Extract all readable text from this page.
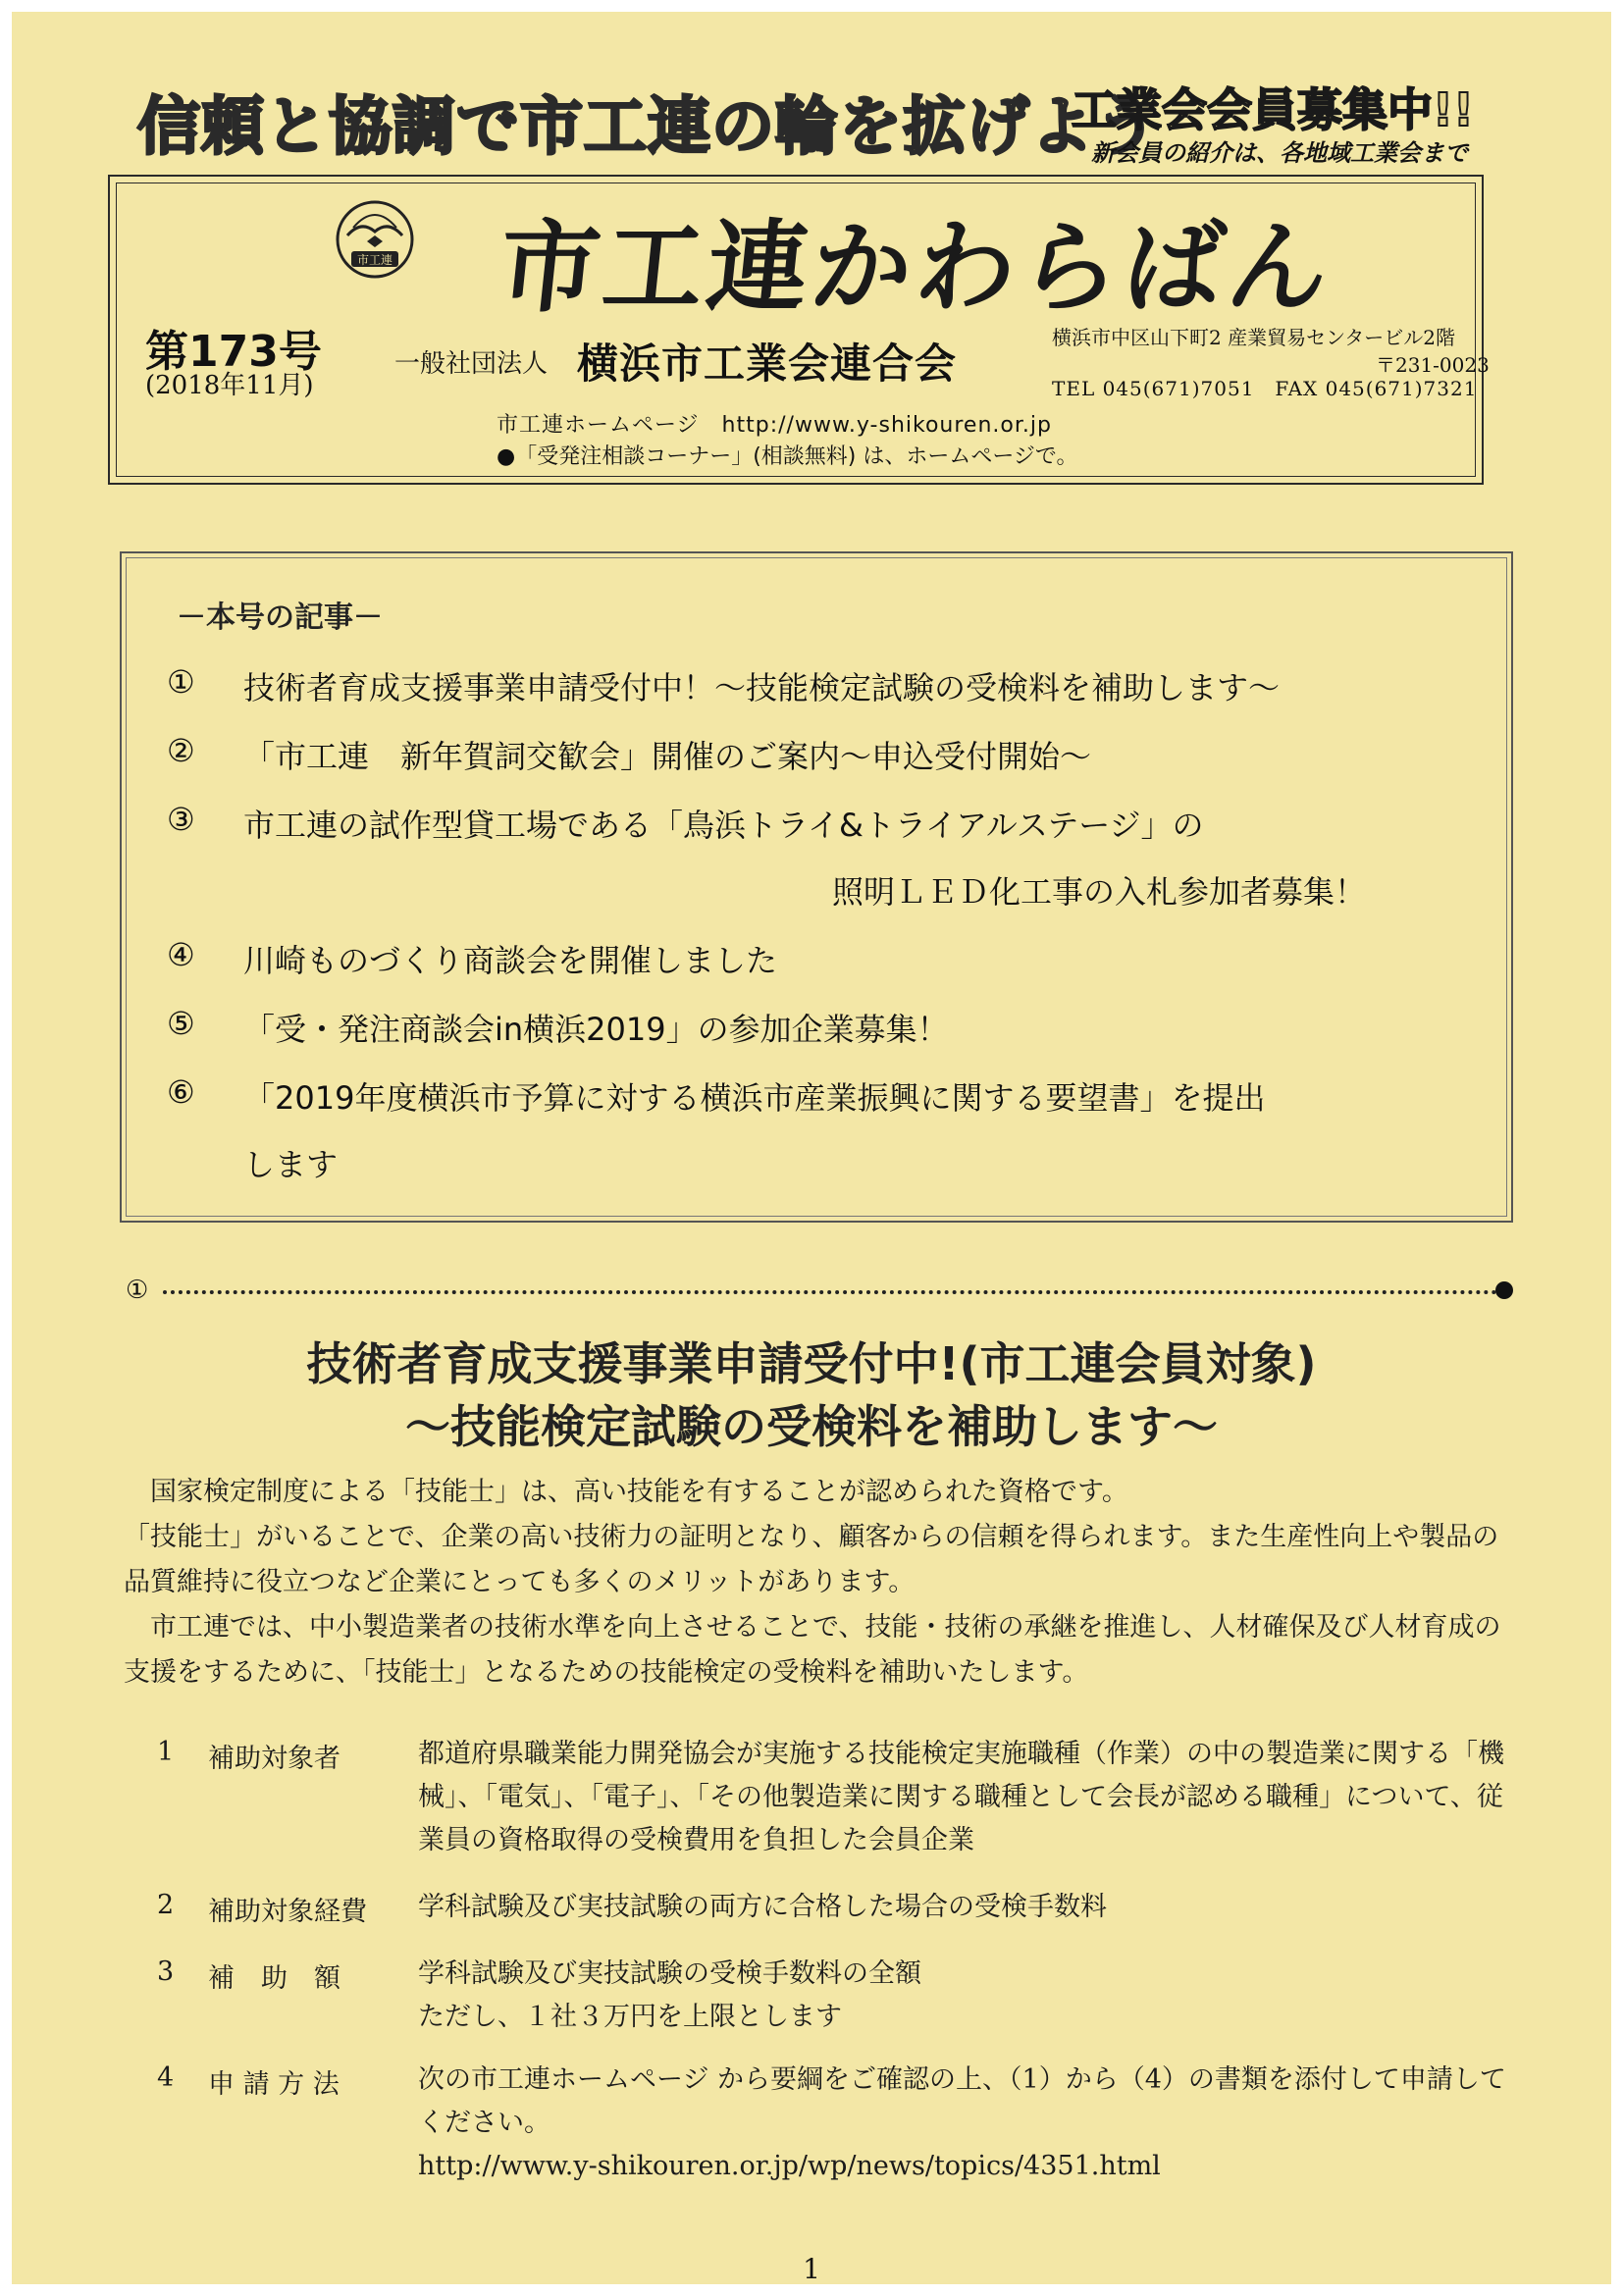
信頼と協調で市工連の輪を拡げよう
工業会会員募集中!!
新会員の紹介は、各地域工業会まで
市工連 市工連かわらばん
第173号
(2018年11月)
一般社団法人 横浜市工業会連合会
横浜市中区山下町2 産業貿易センタービル2階
〒231-0023
TEL 045(671)7051　FAX 045(671)7321
市工連ホームページ　http://www.y-shikouren.or.jp
●「受発注相談コーナー」(相談無料) は、ホームページで。
－本号の記事－
① 技術者育成支援事業申請受付中！～技能検定試験の受検料を補助します～
② 「市工連　新年賀詞交歓会」開催のご案内～申込受付開始～
③ 市工連の試作型貸工場である「鳥浜トライ&トライアルステージ」の
照明ＬＥＤ化工事の入札参加者募集！
④ 川崎ものづくり商談会を開催しました
⑤ 「受・発注商談会in横浜2019」の参加企業募集！
⑥ 「2019年度横浜市予算に対する横浜市産業振興に関する要望書」を提出
します
①
技術者育成支援事業申請受付中!(市工連会員対象)
～技能検定試験の受検料を補助します～

国家検定制度による「技能士」は、高い技能を有することが認められた資格です。

「技能士」がいることで、企業の高い技術力の証明となり、顧客からの信頼を得られます。また生産性向上や製品の品質維持に役立つなど企業にとっても多くのメリットがあります。

市工連では、中小製造業者の技術水準を向上させることで、技能・技術の承継を推進し、人材確保及び人材育成の支援をするために、「技能士」となるための技能検定の受検料を補助いたします。

1 補助対象者	都道府県職業能力開発協会が実施する技能検定実施職種（作業）の中の製造業に関する「機械」、「電気」、「電子」、「その他製造業に関する職種として会長が認める職種」について、従業員の資格取得の受検費用を負担した会員企業
2 補助対象経費 学科試験及び実技試験の両方に合格した場合の受検手数料
3 補　助　額	学科試験及び実技試験の受検手数料の全額
ただし、１社３万円を上限とします
4 申 請 方 法	次の市工連ホームページ から要綱をご確認の上、（1）から（4）の書類を添付して申請してください。
http://www.y-shikouren.or.jp/wp/news/topics/4351.html
1
